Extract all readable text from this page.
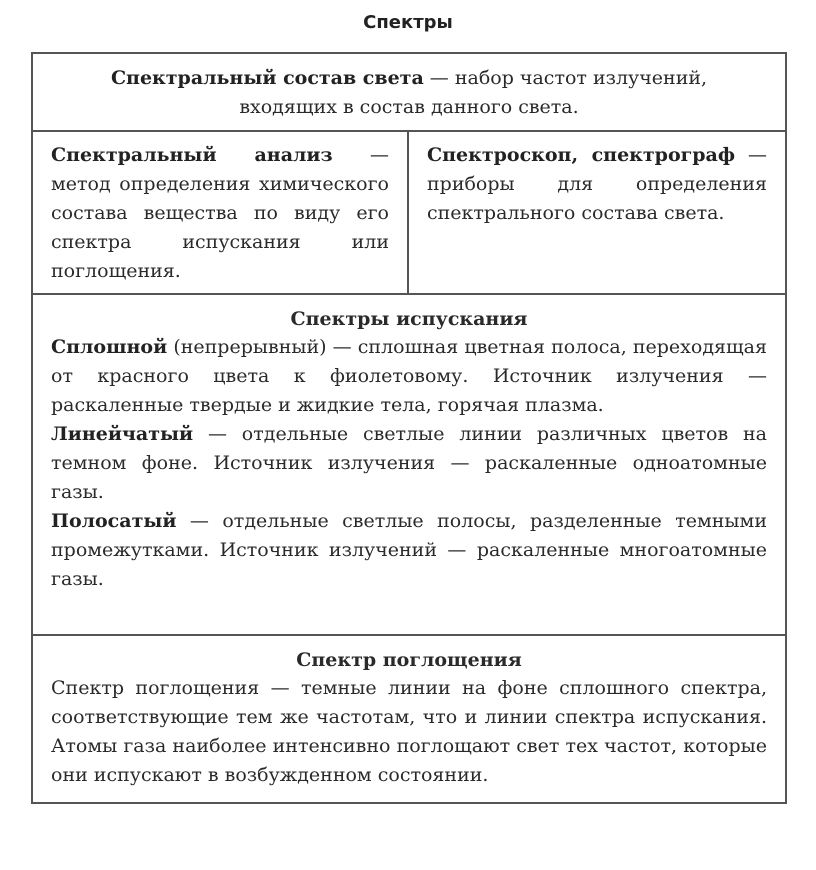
Спектры

Спектральный состав света — набор частот излучений, входящих в состав данного света.

Спектральный анализ — метод определения химического состава вещества по виду его спектра испускания или поглощения.

Спектроскоп, спектрограф — приборы для определения спектрального состава света.

Спектры испускания

Сплошной (непрерывный) — сплошная цветная полоса, переходящая от красного цвета к фиолетовому. Источник излучения — раскаленные твердые и жидкие тела, горячая плазма.

Линейчатый — отдельные светлые линии различных цветов на темном фоне. Источник излучения — раскаленные одноатомные газы.

Полосатый — отдельные светлые полосы, разделенные темными промежутками. Источник излучений — раскаленные многоатомные газы.

Спектр поглощения

Спектр поглощения — темные линии на фоне сплошного спектра, соответствующие тем же частотам, что и линии спектра испускания. Атомы газа наиболее интенсивно поглощают свет тех частот, которые они испускают в возбужденном состоянии.
